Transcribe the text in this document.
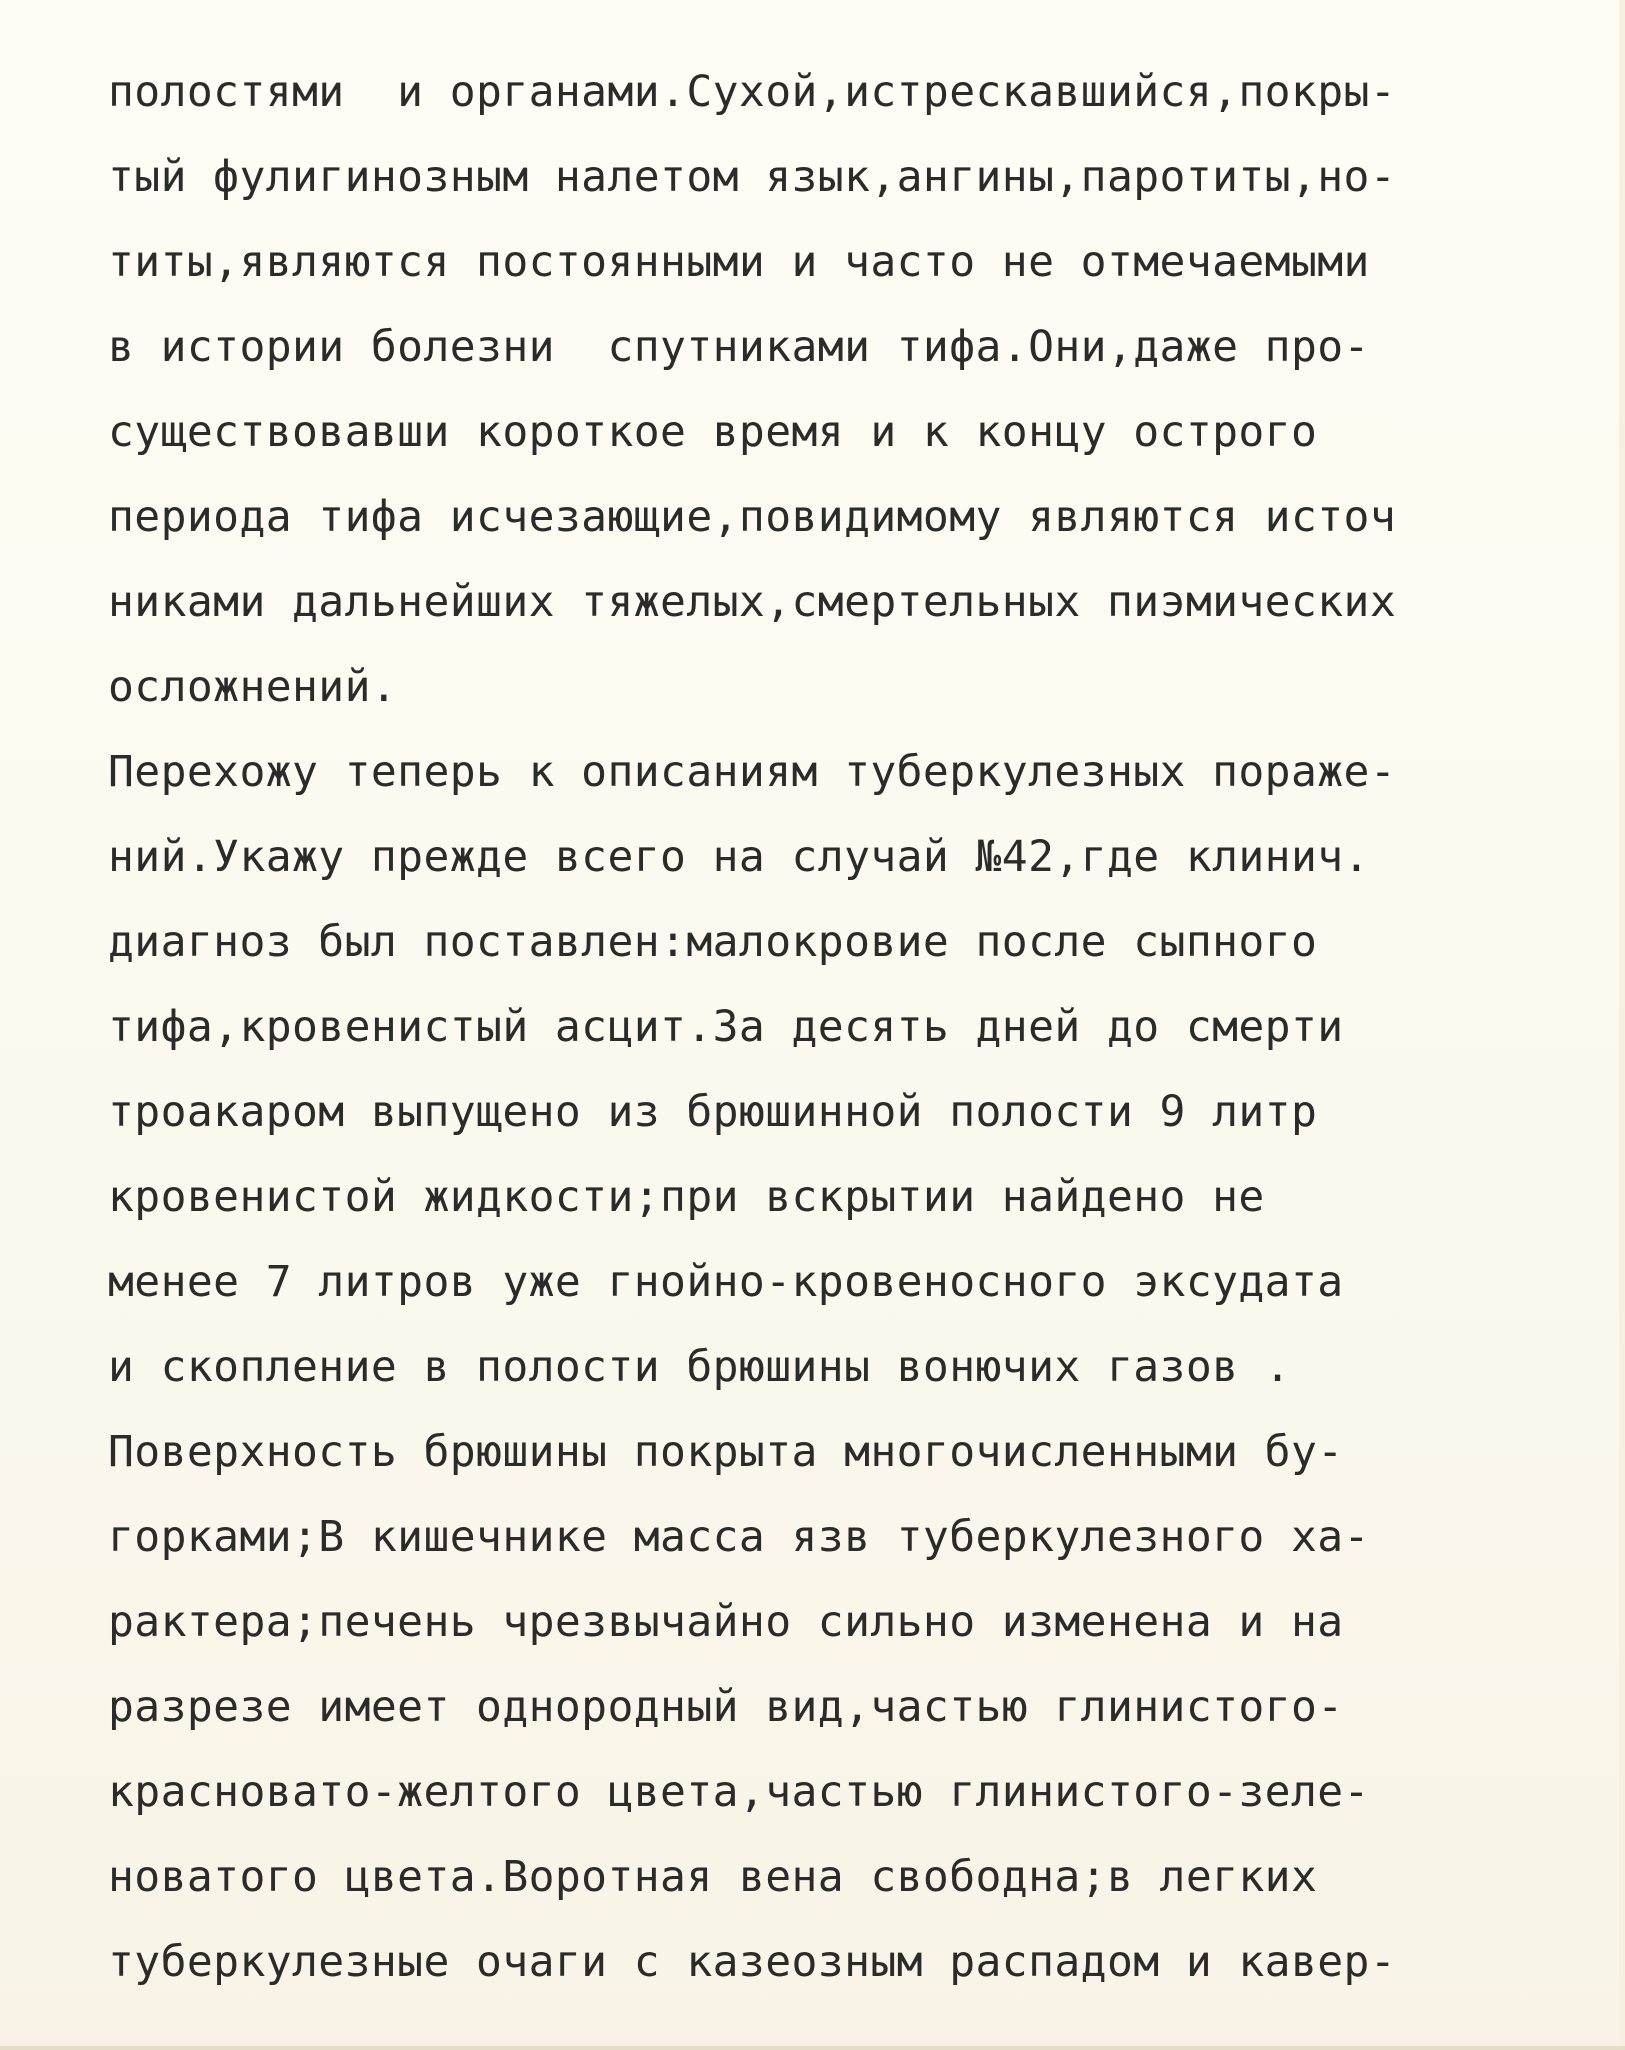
полостями  и органами.Сухой,истрескавшийся,покры-
тый фулигинозным налетом язык,ангины,паротиты,но-
титы,являются постоянными и часто не отмечаемыми
в истории болезни  спутниками тифа.Они,даже про-
существовавши короткое время и к концу острого
периода тифа исчезающие,повидимому являются источ
никами дальнейших тяжелых,смертельных пиэмических
осложнений.
Перехожу теперь к описаниям туберкулезных пораже-
ний.Укажу прежде всего на случай №42,где клинич.
диагноз был поставлен:малокровие после сыпного
тифа,кровенистый асцит.За десять дней до смерти
троакаром выпущено из брюшинной полости 9 литр
кровенистой жидкости;при вскрытии найдено не
менее 7 литров уже гнойно-кровеносного эксудата
и скопление в полости брюшины вонючих газов .
Поверхность брюшины покрыта многочисленными бу-
горками;В кишечнике масса язв туберкулезного ха-
рактера;печень чрезвычайно сильно изменена и на
разрезе имеет однородный вид,частью глинистого-
красновато-желтого цвета,частью глинистого-зеле-
новатого цвета.Воротная вена свободна;в легких
туберкулезные очаги с казеозным распадом и кавер-
